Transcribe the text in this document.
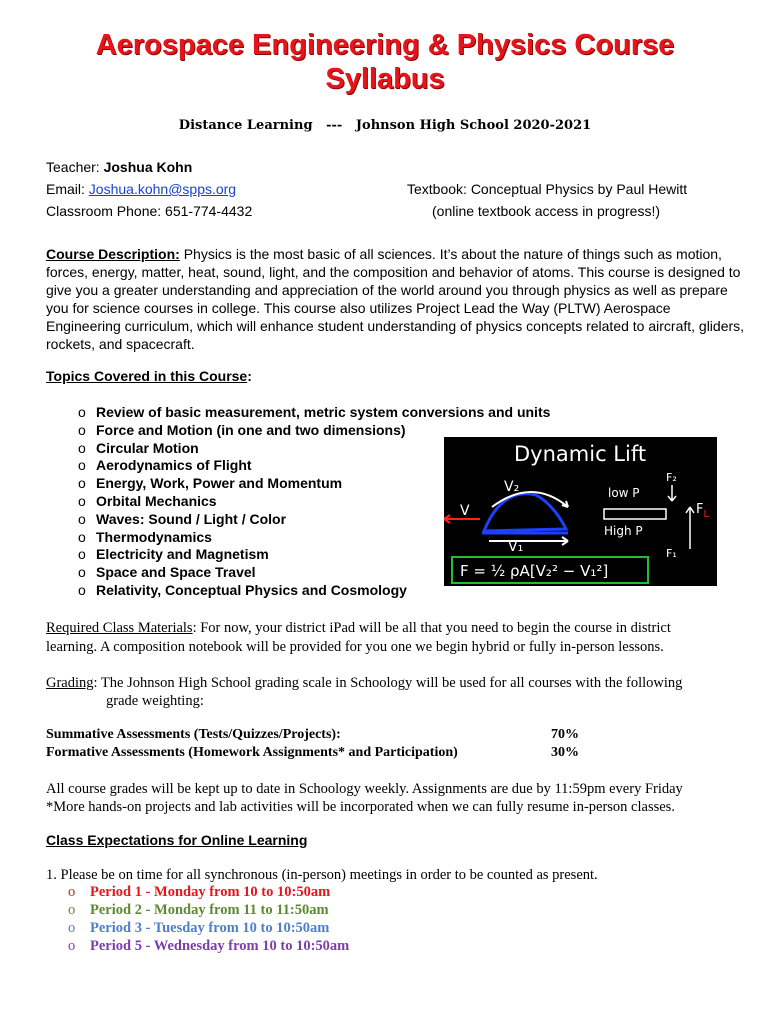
Aerospace Engineering & Physics Course
Syllabus
Distance Learning   ---   Johnson High School 2020-2021
Teacher: Joshua Kohn
Email: Joshua.kohn@spps.org
Classroom Phone: 651-774-4432
Textbook: Conceptual Physics by Paul Hewitt
(online textbook access in progress!)
Course Description: Physics is the most basic of all sciences. It’s about the nature of things such as motion, forces, energy, matter, heat, sound, light, and the composition and behavior of atoms. This course is designed to give you a greater understanding and appreciation of the world around you through physics as well as prepare you for science courses in college. This course also utilizes Project Lead the Way (PLTW) Aerospace Engineering curriculum, which will enhance student understanding of physics concepts related to aircraft, gliders, rockets, and spacecraft.
Topics Covered in this Course:
o Review of basic measurement, metric system conversions and units
o Force and Motion (in one and two dimensions)
o Circular Motion
o Aerodynamics of Flight
o Energy, Work, Power and Momentum
o Orbital Mechanics
o Waves: Sound / Light / Color
o Thermodynamics
o Electricity and Magnetism
o Space and Space Travel
o Relativity, Conceptual Physics and Cosmology
Dynamic Lift
V
V₂
V₁
low P
High P
F₂
$F_L$
F₁
F = ½ ρA[V₂² − V₁²]
Required Class Materials: For now, your district iPad will be all that you need to begin the course in district
learning. A composition notebook will be provided for you one we begin hybrid or fully in-person lessons.
Grading: The Johnson High School grading scale in Schoology will be used for all courses with the following
grade weighting:
Summative Assessments (Tests/Quizzes/Projects):
Formative Assessments (Homework Assignments* and Participation)
70%
30%
All course grades will be kept up to date in Schoology weekly. Assignments are due by 11:59pm every Friday
*More hands-on projects and lab activities will be incorporated when we can fully resume in-person classes.
Class Expectations for Online Learning
1. Please be on time for all synchronous (in-person) meetings in order to be counted as present.
o Period 1 - Monday from 10 to 10:50am
o Period 2 - Monday from 11 to 11:50am
o Period 3 - Tuesday from 10 to 10:50am
o Period 5 - Wednesday from 10 to 10:50am
